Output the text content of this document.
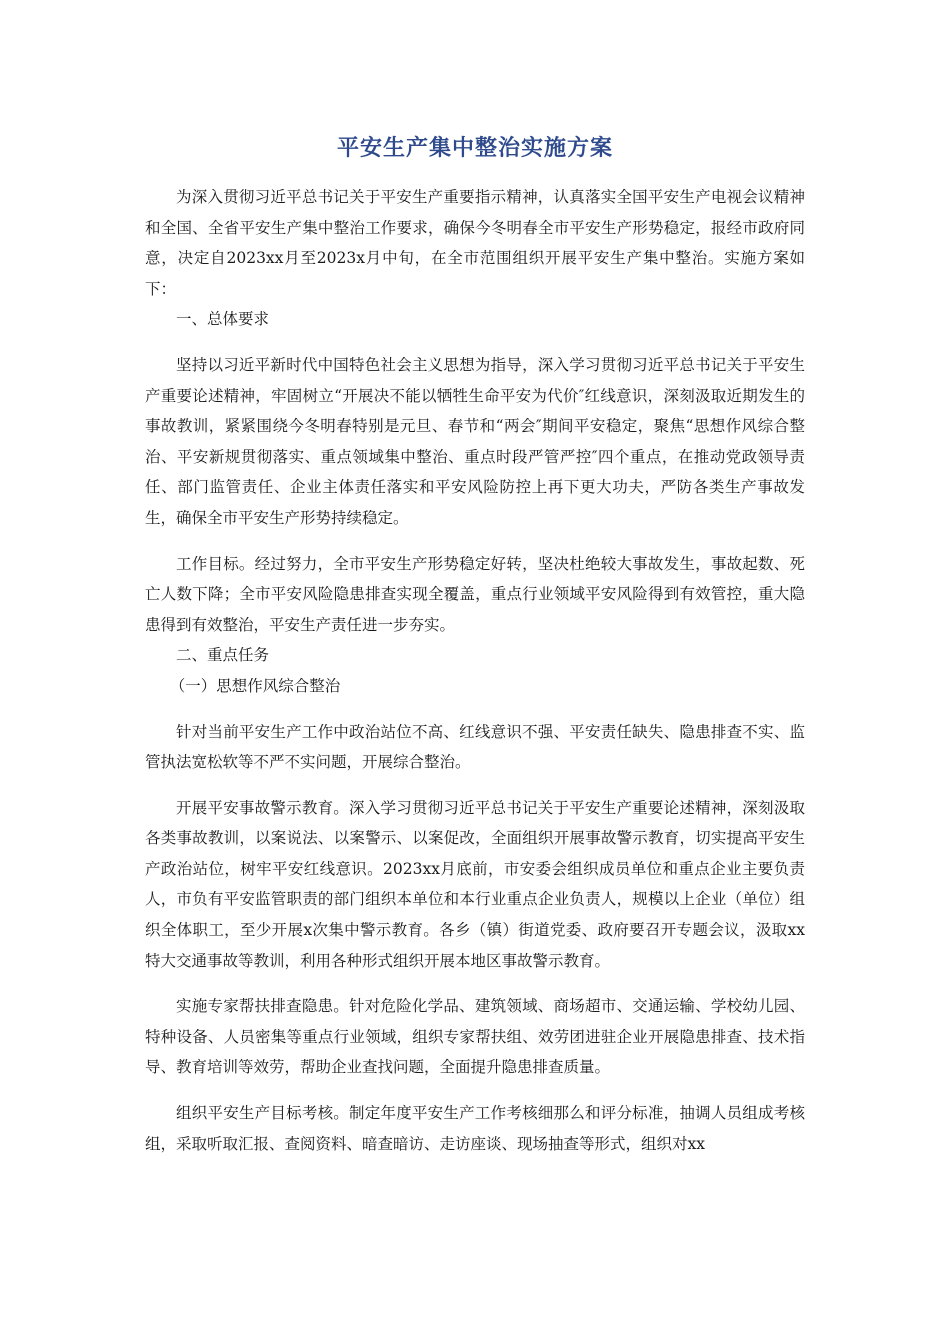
平安生产集中整治实施方案

为深入贯彻习近平总书记关于平安生产重要指示精神，认真落实全国平安生产电视会议精神和全国、全省平安生产集中整治工作要求，确保今冬明春全市平安生产形势稳定，报经市政府同意，决定自2023xx月至2023x月中旬，在全市范围组织开展平安生产集中整治。实施方案如下：

一、总体要求

坚持以习近平新时代中国特色社会主义思想为指导，深入学习贯彻习近平总书记关于平安生产重要论述精神，牢固树立“开展决不能以牺牲生命平安为代价″红线意识，深刻汲取近期发生的事故教训，紧紧围绕今冬明春特别是元旦、春节和“两会″期间平安稳定，聚焦“思想作风综合整治、平安新规贯彻落实、重点领域集中整治、重点时段严管严控″四个重点，在推动党政领导责任、部门监管责任、企业主体责任落实和平安风险防控上再下更大功夫，严防各类生产事故发生，确保全市平安生产形势持续稳定。

工作目标。经过努力，全市平安生产形势稳定好转，坚决杜绝较大事故发生，事故起数、死亡人数下降；全市平安风险隐患排查实现全覆盖，重点行业领域平安风险得到有效管控，重大隐患得到有效整治，平安生产责任进一步夯实。

二、重点任务

（一）思想作风综合整治

针对当前平安生产工作中政治站位不高、红线意识不强、平安责任缺失、隐患排查不实、监管执法宽松软等不严不实问题，开展综合整治。

开展平安事故警示教育。深入学习贯彻习近平总书记关于平安生产重要论述精神，深刻汲取各类事故教训，以案说法、以案警示、以案促改，全面组织开展事故警示教育，切实提高平安生产政治站位，树牢平安红线意识。2023xx月底前，市安委会组织成员单位和重点企业主要负责人，市负有平安监管职责的部门组织本单位和本行业重点企业负责人，规模以上企业（单位）组织全体职工，至少开展x次集中警示教育。各乡（镇）街道党委、政府要召开专题会议，汲取xx特大交通事故等教训，利用各种形式组织开展本地区事故警示教育。

实施专家帮扶排查隐患。针对危险化学品、建筑领域、商场超市、交通运输、学校幼儿园、特种设备、人员密集等重点行业领域，组织专家帮扶组、效劳团进驻企业开展隐患排查、技术指导、教育培训等效劳，帮助企业查找问题，全面提升隐患排查质量。

组织平安生产目标考核。制定年度平安生产工作考核细那么和评分标准，抽调人员组成考核组，采取听取汇报、查阅资料、暗查暗访、走访座谈、现场抽查等形式，组织对xx
